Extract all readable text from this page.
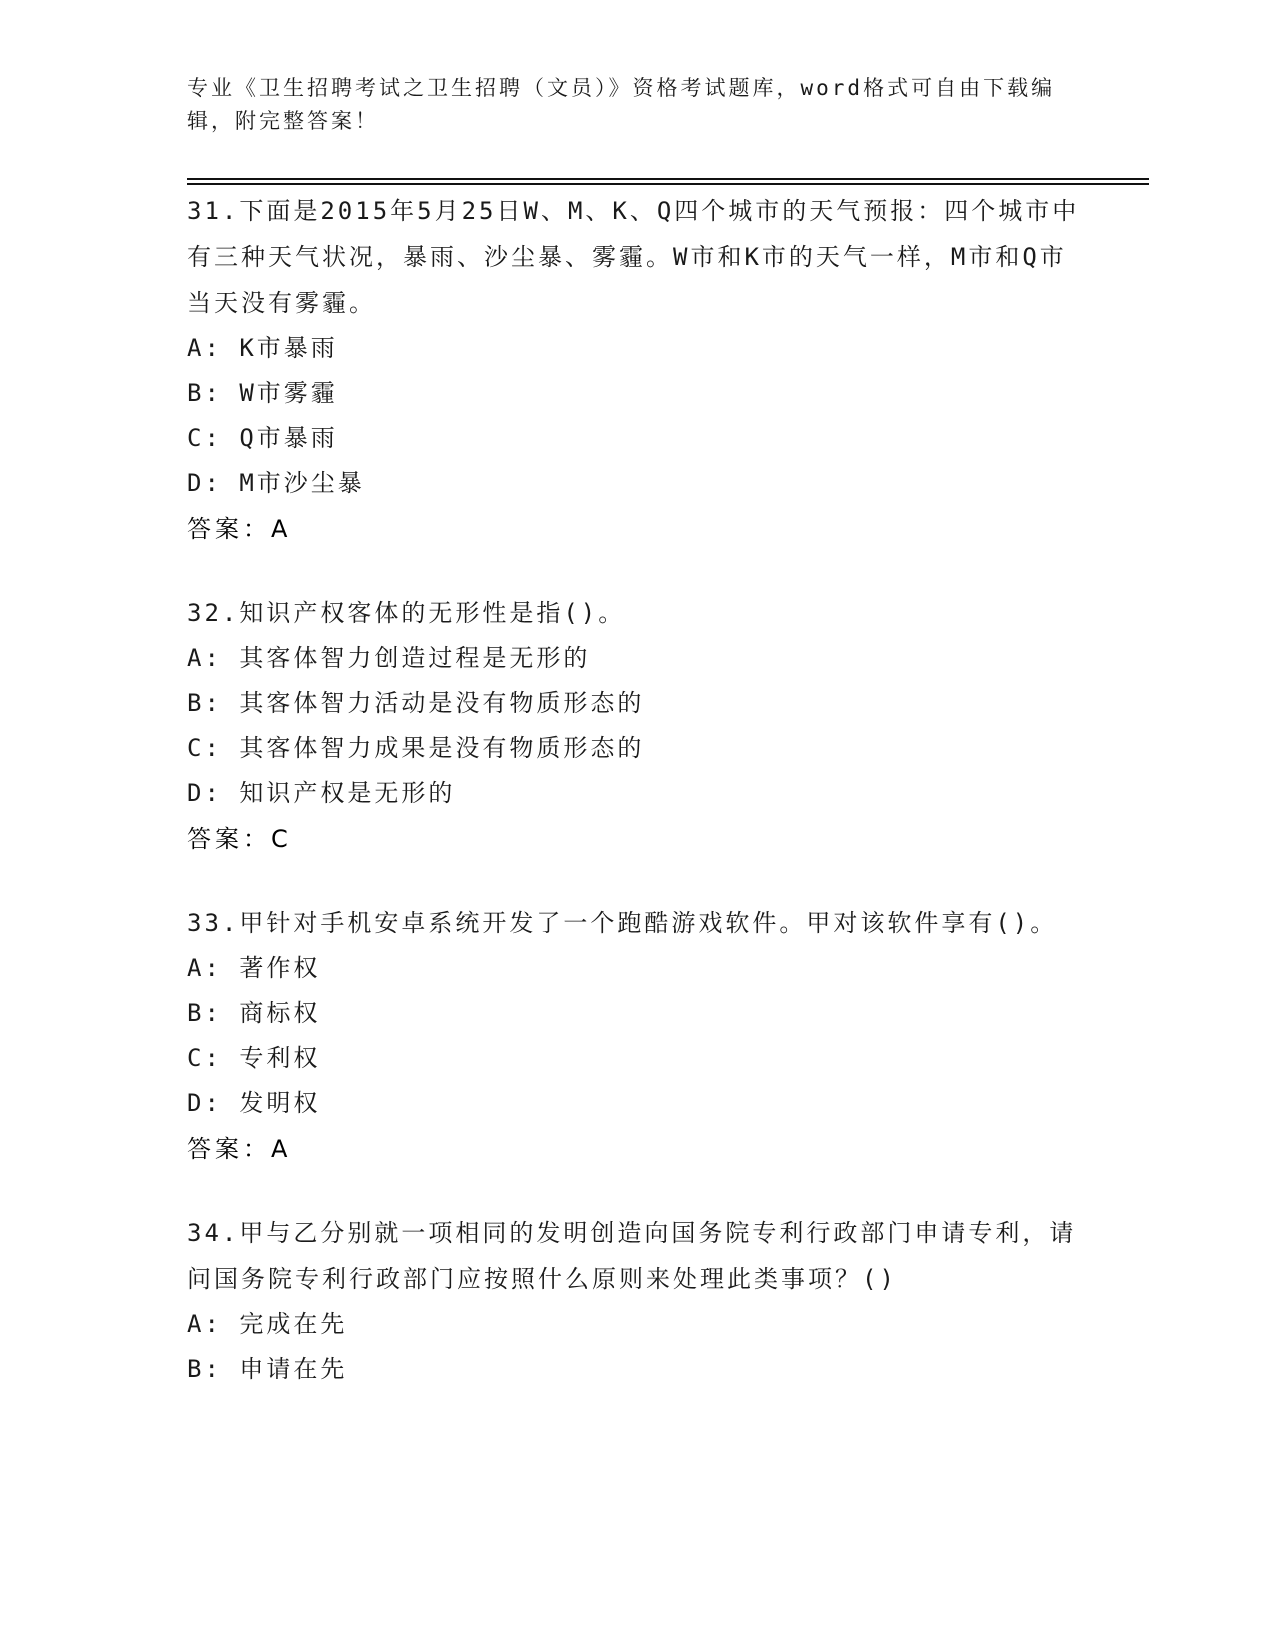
专业《卫生招聘考试之卫生招聘（文员）》资格考试题库，word格式可自由下载编辑，附完整答案！

31.下面是2015年5月25日W、M、K、Q四个城市的天气预报：四个城市中有三种天气状况，暴雨、沙尘暴、雾霾。W市和K市的天气一样，M市和Q市当天没有雾霾。

A: K市暴雨

B: W市雾霾

C: Q市暴雨

D: M市沙尘暴

答案：A

32.知识产权客体的无形性是指()。

A: 其客体智力创造过程是无形的

B: 其客体智力活动是没有物质形态的

C: 其客体智力成果是没有物质形态的

D: 知识产权是无形的

答案：C

33.甲针对手机安卓系统开发了一个跑酷游戏软件。甲对该软件享有()。

A: 著作权

B: 商标权

C: 专利权

D: 发明权

答案：A

34.甲与乙分别就一项相同的发明创造向国务院专利行政部门申请专利，请问国务院专利行政部门应按照什么原则来处理此类事项？()

A: 完成在先

B: 申请在先
